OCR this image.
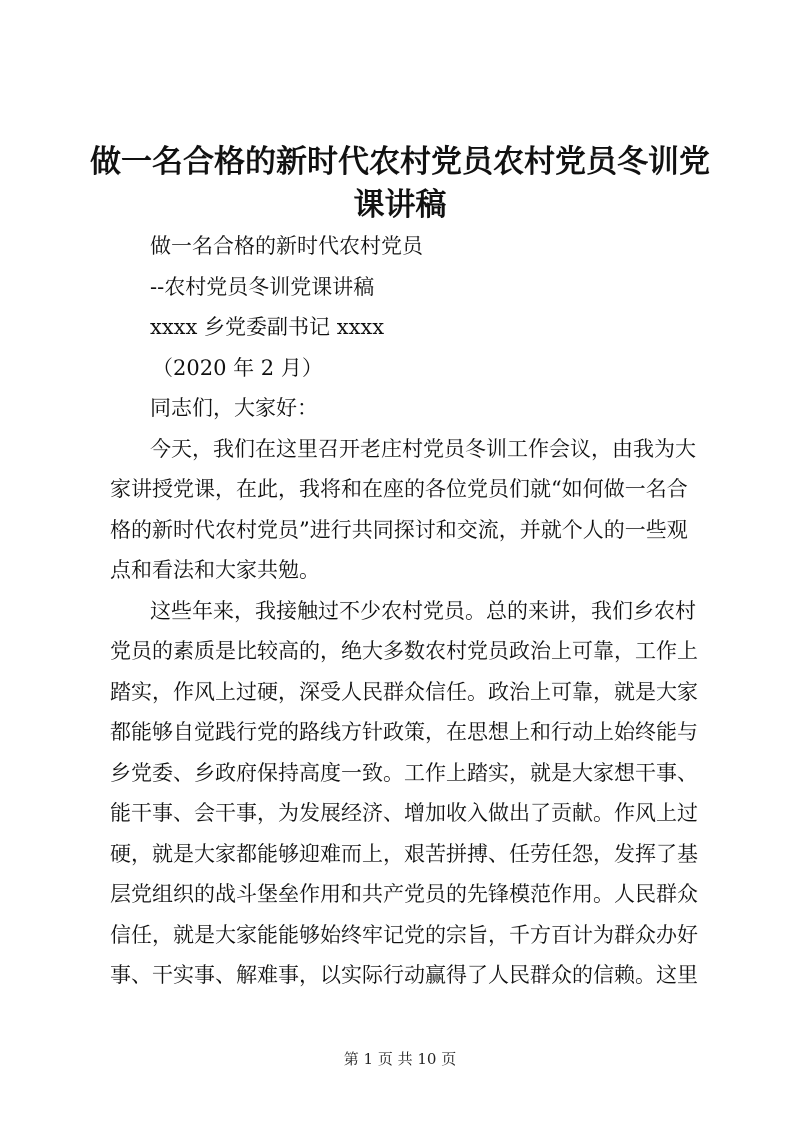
做一名合格的新时代农村党员农村党员冬训党
课讲稿

做一名合格的新时代农村党员

--农村党员冬训党课讲稿

xxxx 乡党委副书记 xxxx

（2020 年 2 月）

同志们，大家好：

今天，我们在这里召开老庄村党员冬训工作会议，由我为大

家讲授党课，在此，我将和在座的各位党员们就“如何做一名合

格的新时代农村党员”进行共同探讨和交流，并就个人的一些观

点和看法和大家共勉。

这些年来，我接触过不少农村党员。总的来讲，我们乡农村

党员的素质是比较高的，绝大多数农村党员政治上可靠，工作上

踏实，作风上过硬，深受人民群众信任。政治上可靠，就是大家

都能够自觉践行党的路线方针政策，在思想上和行动上始终能与

乡党委、乡政府保持高度一致。工作上踏实，就是大家想干事、

能干事、会干事，为发展经济、增加收入做出了贡献。作风上过

硬，就是大家都能够迎难而上，艰苦拼搏、任劳任怨，发挥了基

层党组织的战斗堡垒作用和共产党员的先锋模范作用。人民群众

信任，就是大家能能够始终牢记党的宗旨，千方百计为群众办好

事、干实事、解难事，以实际行动赢得了人民群众的信赖。这里

第 1 页 共 10 页
